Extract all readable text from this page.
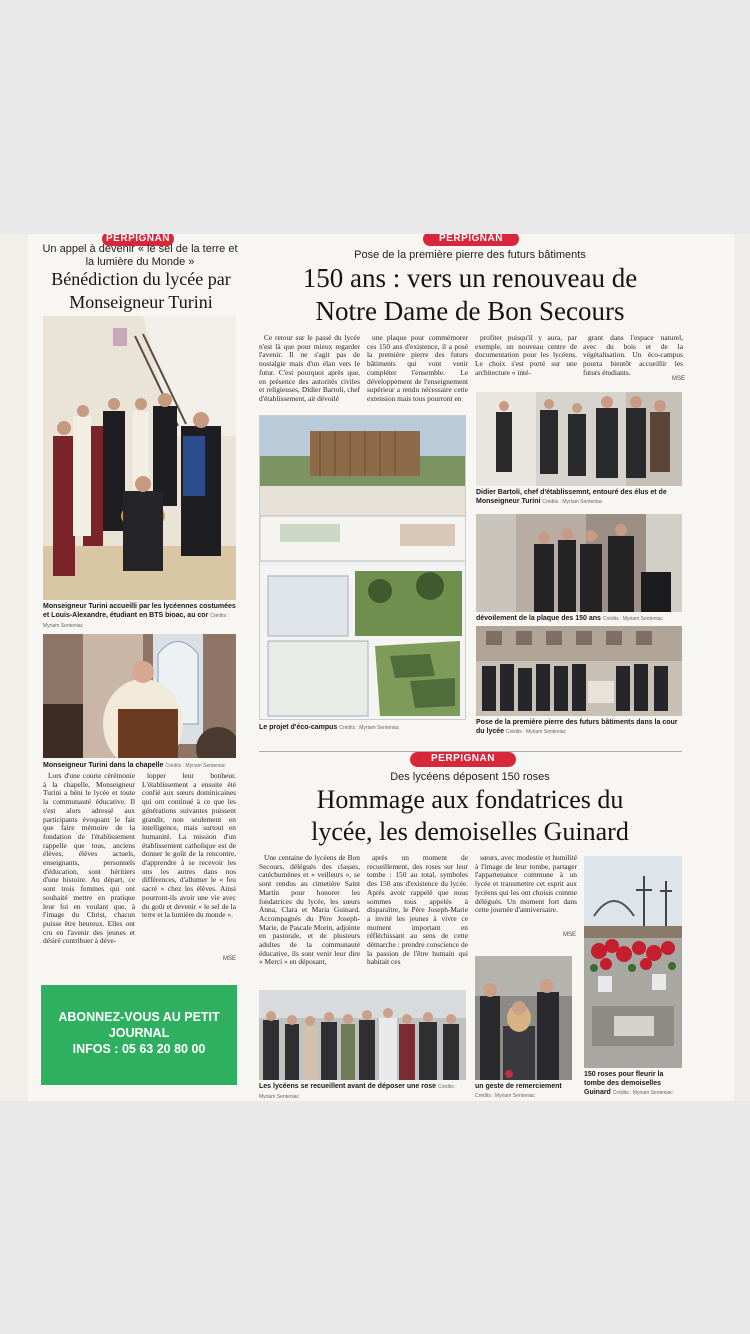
PERPIGNAN
Un appel à devenir « le sel de la terre et la lumière du Monde »
Bénédiction du lycée par Monseigneur Turini
Monseigneur Turini accueilli par les lycéennes costumées et Louis-Alexandre, étudiant en BTS bioac, au cor Crédits : Myriam Senteniac
Monseigneur Turini dans la chapelle Crédits : Myriam Senteniac

Lors d'une courte cérémonie à la chapelle, Monseigneur Turini a béni le lycée et toute la communauté éducative. Il s'est alors adressé aux participants évoquant le fait que faire mémoire de la fondation de l'établissement rappelle que tous, anciens élèves, élèves actuels, enseignants, personnels d'éducation, sont héritiers d'une histoire. Au départ, ce sont trois femmes qui ont souhaité mettre en pratique leur foi en voulant que, à l'image du Christ, chacun puisse être heureux. Elles ont cru en l'avenir des jeunes et désiré contribuer à déve-

lopper leur bonheur. L'établissement a ensuite été confié aux sœurs dominicaines qui ont continué à ce que les générations suivantes puissent grandir, non seulement en intelligence, mais surtout en humanité. La mission d'un établissement catholique est de donner le goût de la rencontre, d'apprendre à se recevoir les uns les autres dans nos différences, d'allumer le « feu sacré » chez les élèves. Ainsi pourront-ils avoir une vie avec du goût et devenir « le sel de la terre et la lumière du monde ».

MSE
ABONNEZ-VOUS AU PETIT JOURNAL
INFOS : 05 63 20 80 00
PERPIGNAN
Pose de la première pierre des futurs bâtiments
150 ans : vers un renouveau de
Notre Dame de Bon Secours

Ce retour sur le passé du lycée n'est là que pour mieux regarder l'avenir. Il ne s'agit pas de nostalgie mais d'un élan vers le futur. C'est pourquoi après que, en présence des autorités civiles et religieuses, Didier Bartoli, chef d'établissement, ait dévoilé

une plaque pour commémorer ces 150 ans d'existence, il a posé la première pierre des futurs bâtiments qui vont venir compléter l'ensemble. Le développement de l'enseignement supérieur a rendu nécessaire cette extension mais tous pourront en

profiter puisqu'il y aura, par exemple, un nouveau centre de documentation pour les lycéens. Le choix s'est porté sur une architecture « inté-

grant dans l'espace naturel, avec du bois et de la végétalisation. Un éco-campus pourra bientôt accueillir les futurs étudiants.

MSE
Le projet d'éco-campus Crédits : Myriam Senteniac
Didier Bartoli, chef d'établissemnt, entouré des élus et de Monseigneur Turini Crédits : Myriam Senteniac
dévoilement de la plaque des 150 ans Crédits : Myriam Senteniac
Pose de la première pierre des futurs bâtiments dans la cour du lycée Crédits : Myriam Senteniac
PERPIGNAN
Des lycéens déposent 150 roses
Hommage aux fondatrices du
lycée, les demoiselles Guinard

Une centaine de lycéens de Bon Secours, délégués des classes, catéchumènes et « veilleurs », se sont rendus au cimetière Saint Martin pour honorer les fondatrices du lycée, les sœurs Anna, Clara et Maria Guinard. Accompagnés du Père Joseph-Marie, de Pascale Morin, adjointe en pastorale, et de plusieurs adultes de la communauté éducative, ils sont venir leur dire « Merci » en déposant,

après un moment de recueillement, des roses sur leur tombe : 150 au total, symboles des 150 ans d'existence du lycée. Après avoir rappelé que nous sommes tous appelés à disparaître, le Père Joseph-Marie a invité les jeunes à vivre ce moment important en réfléchissant au sens de cette démarche : prendre conscience de la passion de l'être humain qui habitait ces

sœurs, avec modestie et humilité à l'image de leur tombe, partager l'appartenance commune à un lycée et transmettre cet esprit aux lycéens qui les ont choisis comme délégués. Un moment fort dans cette journée d'anniversaire.

MSE
Les lycéens se recueillent avant de déposer une rose Crédits : Myriam Senteniac
un geste de remerciement Crédits : Myriam Senteniac
150 roses pour fleurir la tombe des demoiselles Guinard Crédits : Myriam Senteniac
